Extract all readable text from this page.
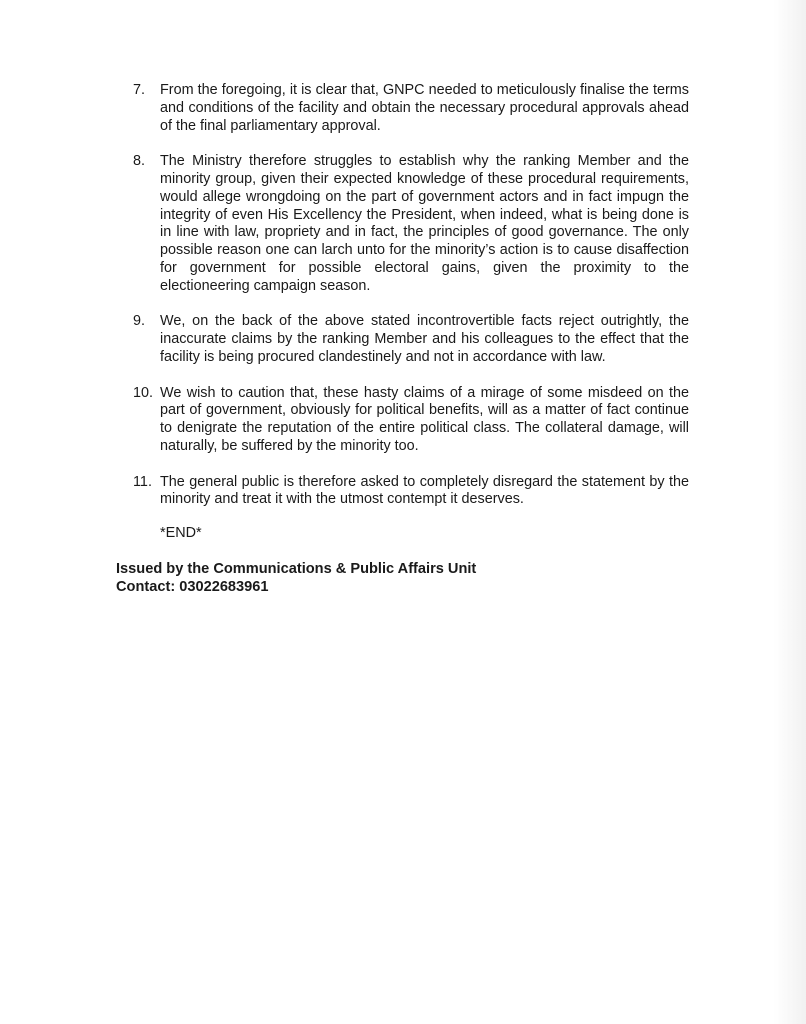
7.	From the foregoing, it is clear that, GNPC needed to meticulously finalise the terms and conditions of the facility and obtain the necessary procedural approvals ahead of the final parliamentary approval.
8.	The Ministry therefore struggles to establish why the ranking Member and the minority group, given their expected knowledge of these procedural requirements, would allege wrongdoing on the part of government actors and in fact impugn the integrity of even His Excellency the President, when indeed, what is being done is in line with law, propriety and in fact, the principles of good governance. The only possible reason one can larch unto for the minority’s action is to cause disaffection for government for possible electoral gains, given the proximity to the electioneering campaign season.
9.	We, on the back of the above stated incontrovertible facts reject outrightly, the inaccurate claims by the ranking Member and his colleagues to the effect that the facility is being procured clandestinely and not in accordance with law.
10. We wish to caution that, these hasty claims of a mirage of some misdeed on the part of government, obviously for political benefits, will as a matter of fact continue to denigrate the reputation of the entire political class. The collateral damage, will naturally, be suffered by the minority too.
11. The general public is therefore asked to completely disregard the statement by the minority and treat it with the utmost contempt it deserves.
*END*
Issued by the Communications & Public Affairs Unit
Contact: 03022683961
